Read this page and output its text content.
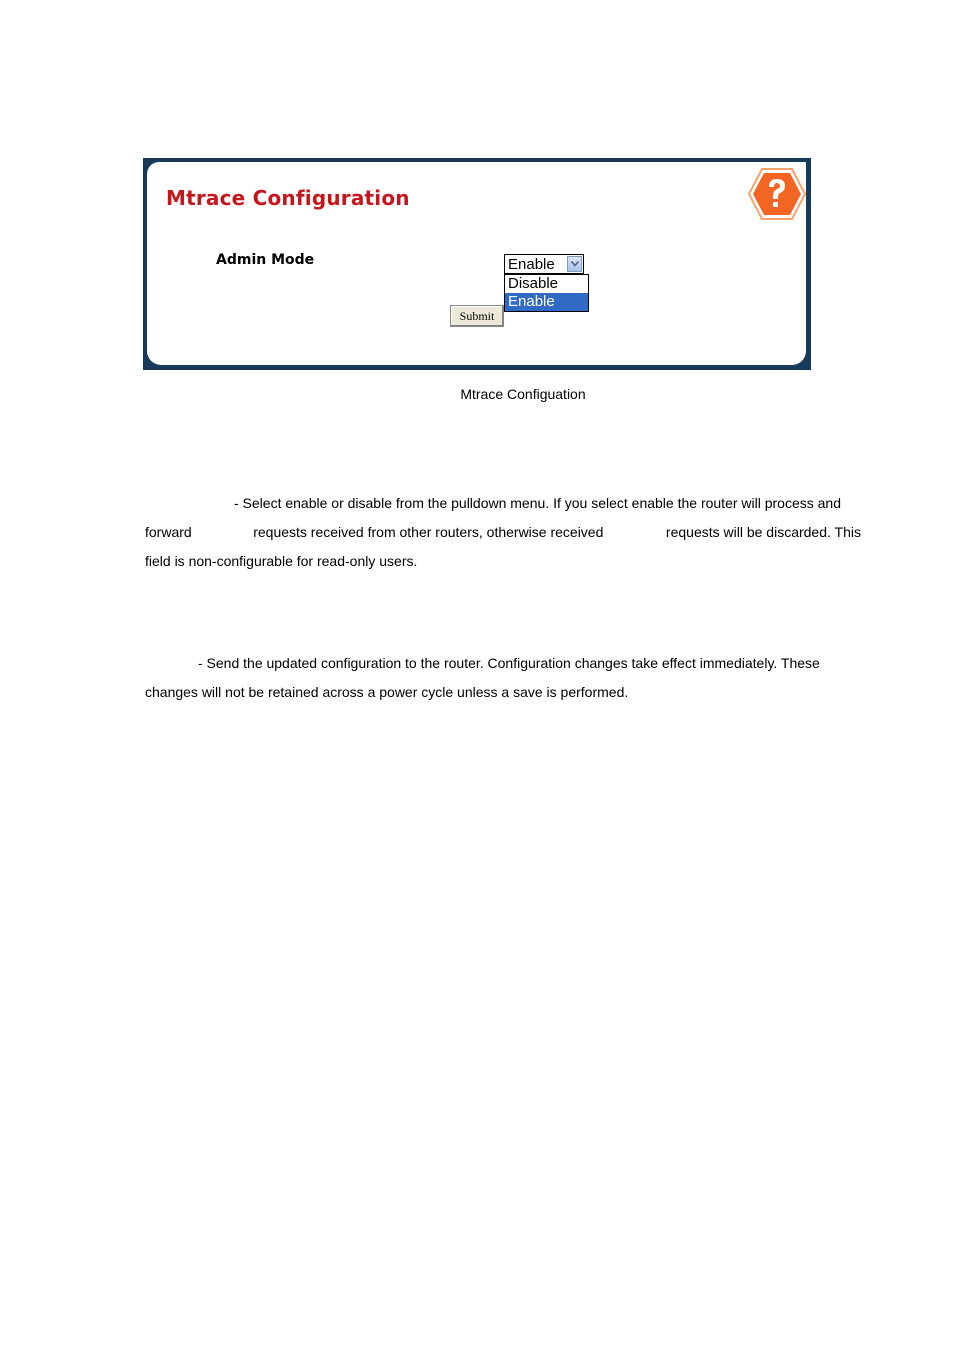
Mtrace Configuration
Admin Mode	Enable
Disable
Enable
Submit
Mtrace Configuation
- Select enable or disable from the pulldown menu. If you select enable the router will process and
forward	requests received from other routers, otherwise received	requests will be discarded. This
field is non-configurable for read-only users.
- Send the updated configuration to the router. Configuration changes take effect immediately. These
changes will not be retained across a power cycle unless a save is performed.
